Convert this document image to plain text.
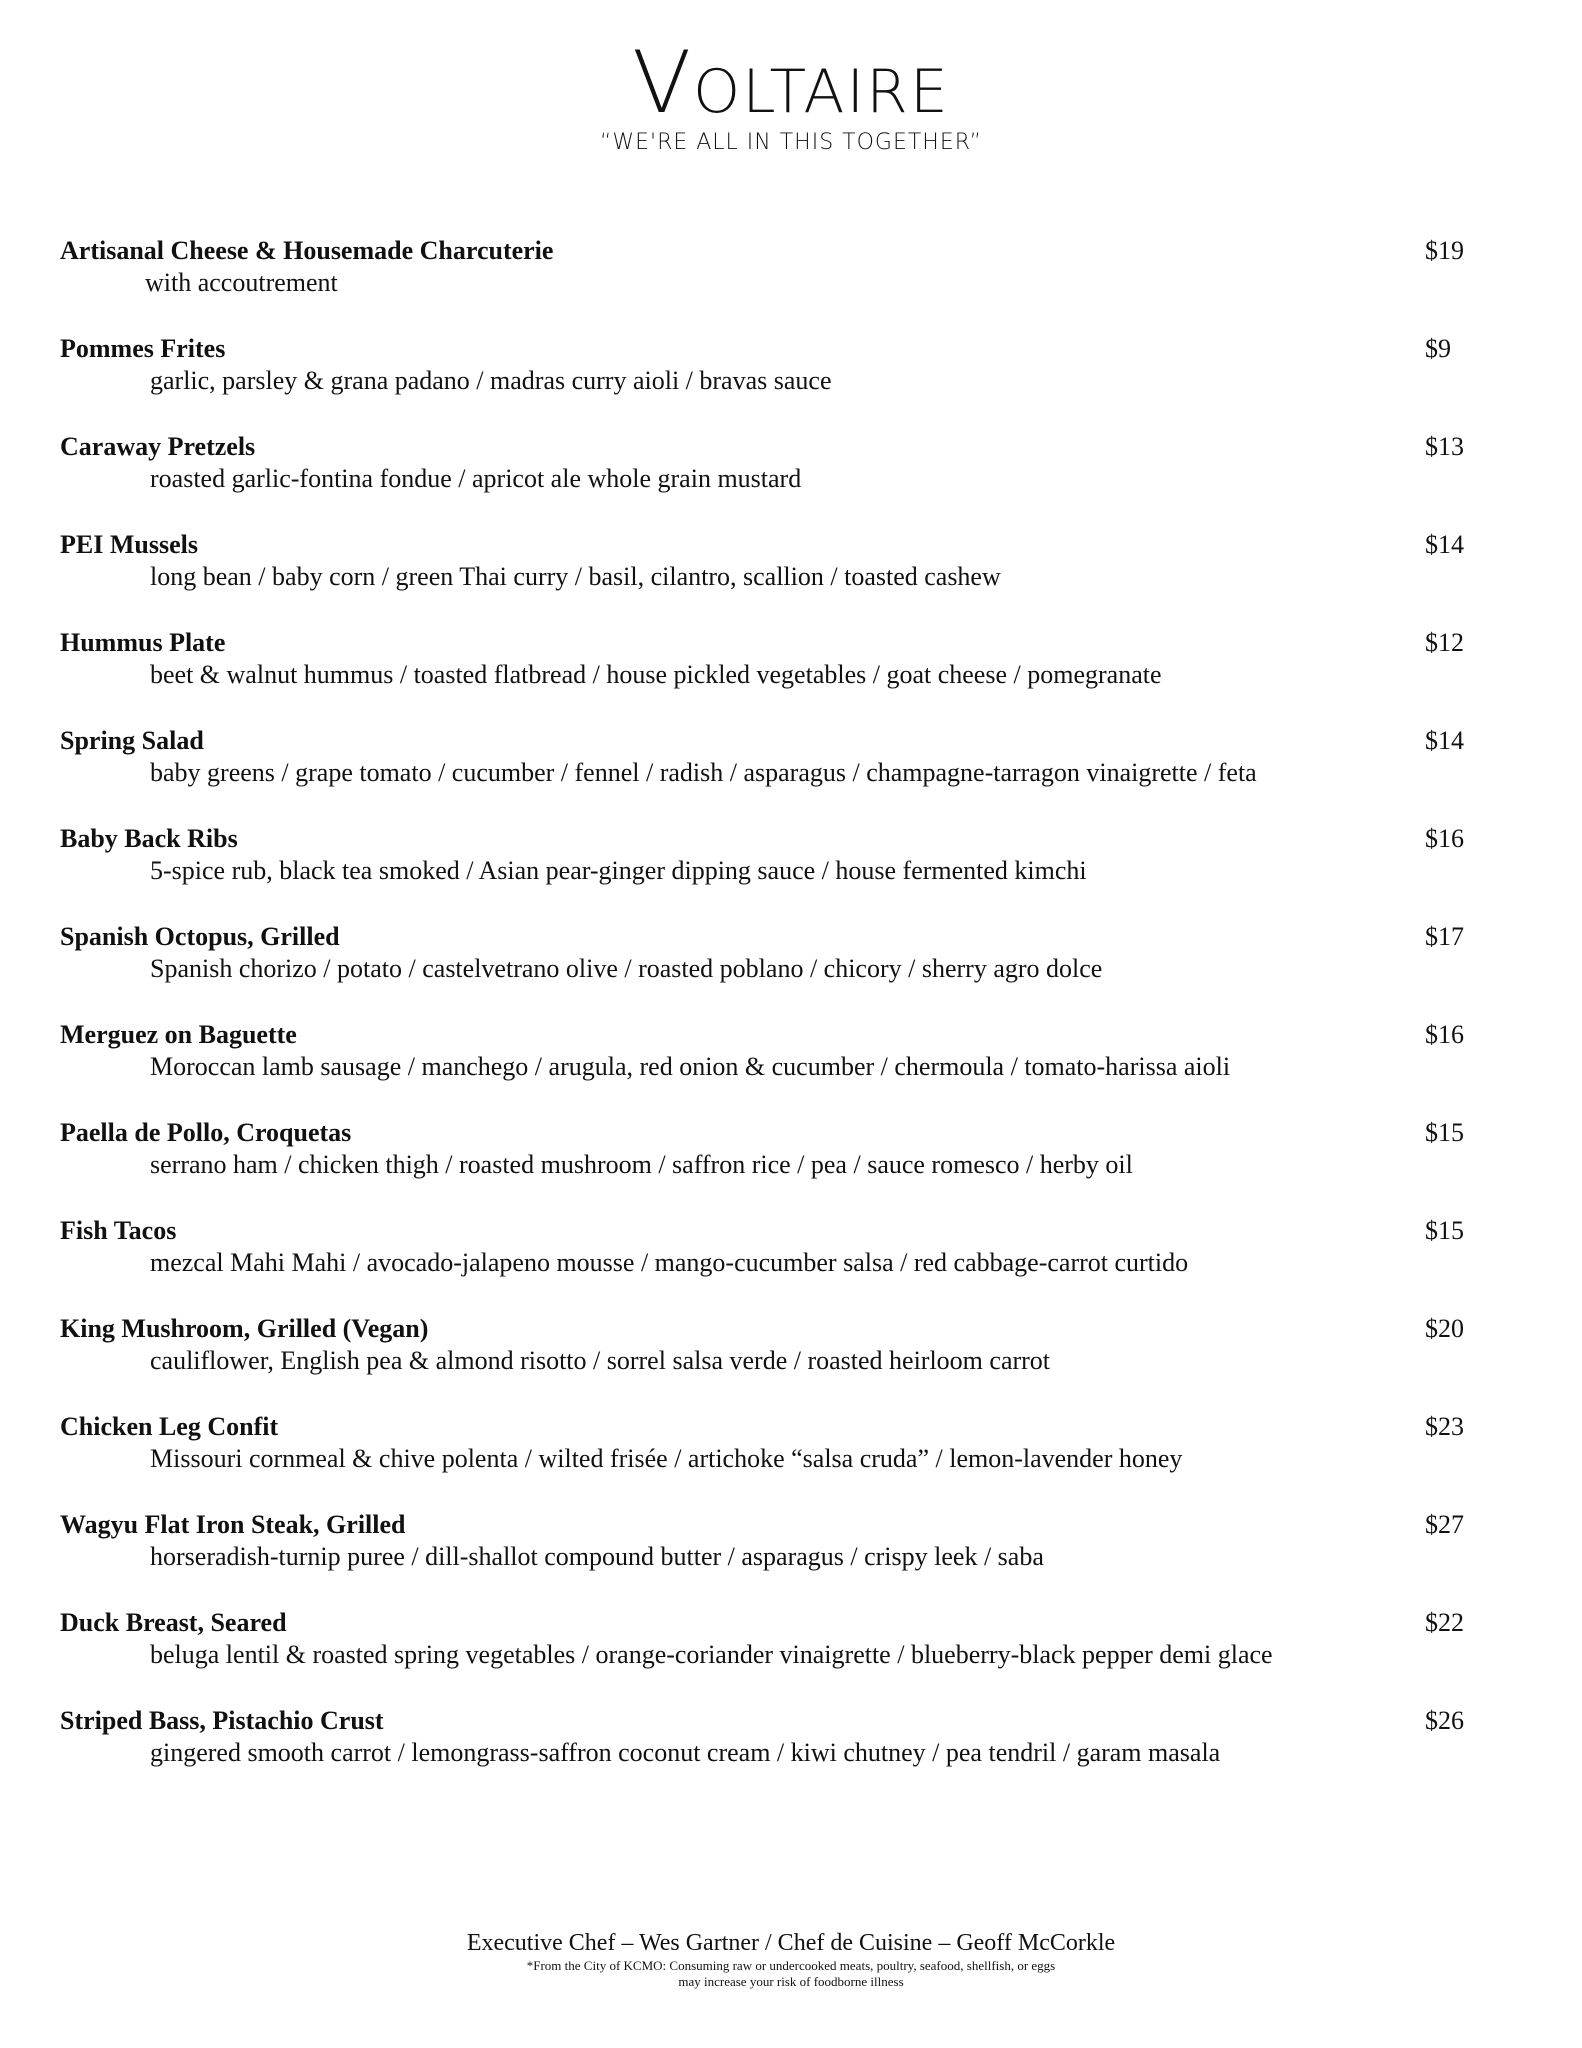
Voltaire
“WE'RE ALL IN THIS TOGETHER”
Artisanal Cheese & Housemade Charcuterie
with accoutrement
$19
Pommes Frites
garlic, parsley & grana padano / madras curry aioli / bravas sauce
$9
Caraway Pretzels
roasted garlic-fontina fondue / apricot ale whole grain mustard
$13
PEI Mussels
long bean / baby corn / green Thai curry / basil, cilantro, scallion / toasted cashew
$14
Hummus Plate
beet & walnut hummus / toasted flatbread / house pickled vegetables / goat cheese / pomegranate
$12
Spring Salad
baby greens / grape tomato / cucumber / fennel / radish / asparagus / champagne-tarragon vinaigrette / feta
$14
Baby Back Ribs
5-spice rub, black tea smoked / Asian pear-ginger dipping sauce / house fermented kimchi
$16
Spanish Octopus, Grilled
Spanish chorizo / potato / castelvetrano olive / roasted poblano / chicory / sherry agro dolce
$17
Merguez on Baguette
Moroccan lamb sausage / manchego / arugula, red onion & cucumber / chermoula / tomato-harissa aioli
$16
Paella de Pollo, Croquetas
serrano ham / chicken thigh / roasted mushroom / saffron rice / pea / sauce romesco / herby oil
$15
Fish Tacos
mezcal Mahi Mahi / avocado-jalapeno mousse / mango-cucumber salsa / red cabbage-carrot curtido
$15
King Mushroom, Grilled (Vegan)
cauliflower, English pea & almond risotto / sorrel salsa verde / roasted heirloom carrot
$20
Chicken Leg Confit
Missouri cornmeal & chive polenta / wilted frisée / artichoke “salsa cruda” / lemon-lavender honey
$23
Wagyu Flat Iron Steak, Grilled
horseradish-turnip puree / dill-shallot compound butter / asparagus / crispy leek / saba
$27
Duck Breast, Seared
beluga lentil & roasted spring vegetables / orange-coriander vinaigrette / blueberry-black pepper demi glace
$22
Striped Bass, Pistachio Crust
gingered smooth carrot / lemongrass-saffron coconut cream / kiwi chutney / pea tendril / garam masala
$26
Executive Chef – Wes Gartner / Chef de Cuisine – Geoff McCorkle
*From the City of KCMO: Consuming raw or undercooked meats, poultry, seafood, shellfish, or eggs
may increase your risk of foodborne illness
